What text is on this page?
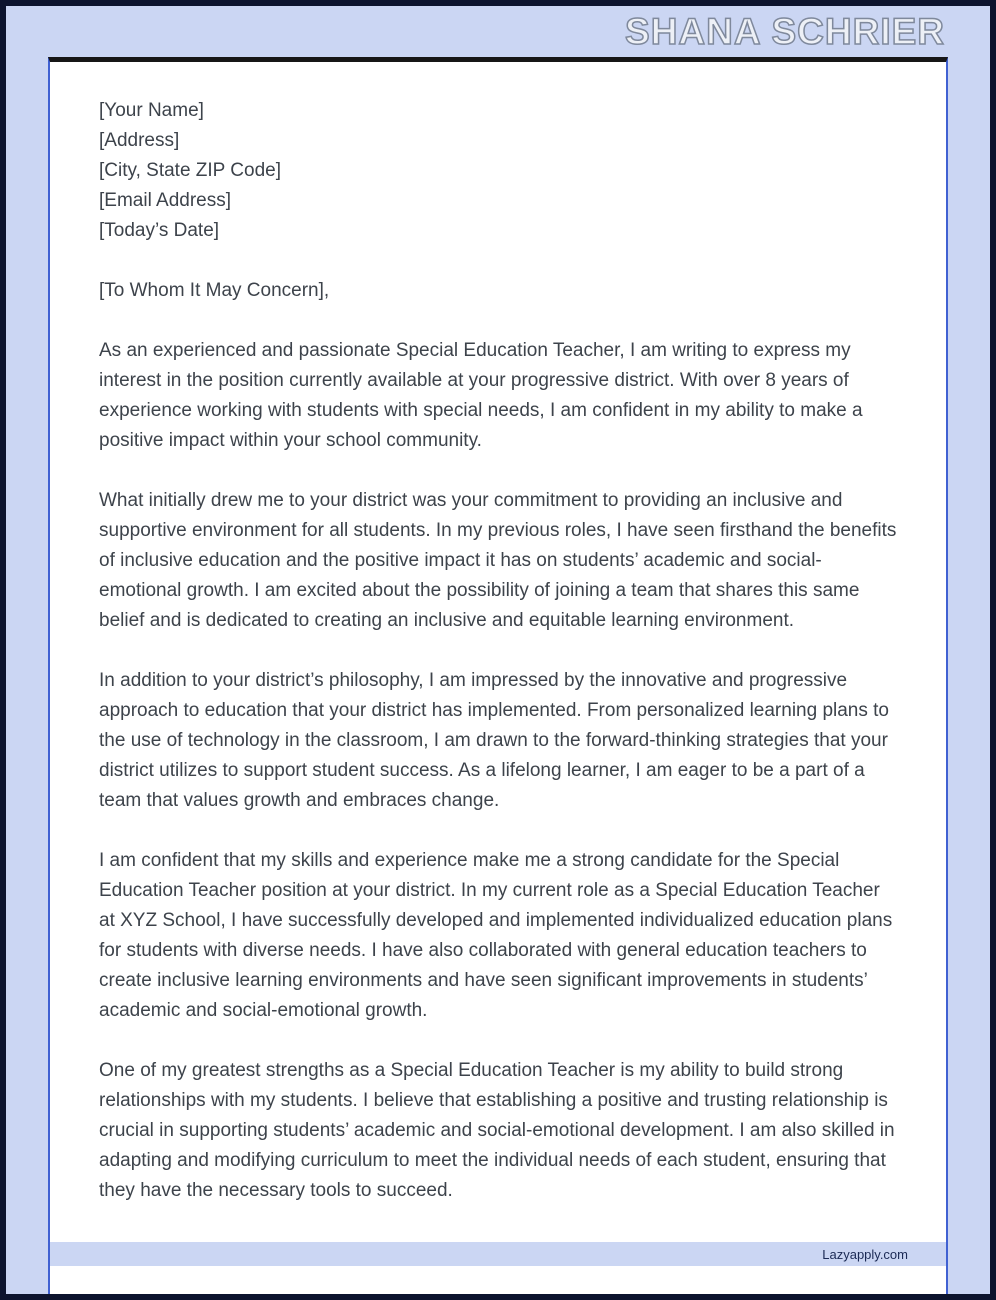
SHANA SCHRIER
[Your Name]
[Address]
[City, State ZIP Code]
[Email Address]
[Today’s Date]

[To Whom It May Concern],

As an experienced and passionate Special Education Teacher, I am writing to express my interest in the position currently available at your progressive district. With over 8 years of experience working with students with special needs, I am confident in my ability to make a positive impact within your school community.

What initially drew me to your district was your commitment to providing an inclusive and supportive environment for all students. In my previous roles, I have seen firsthand the benefits of inclusive education and the positive impact it has on students’ academic and social-emotional growth. I am excited about the possibility of joining a team that shares this same belief and is dedicated to creating an inclusive and equitable learning environment.

In addition to your district’s philosophy, I am impressed by the innovative and progressive approach to education that your district has implemented. From personalized learning plans to the use of technology in the classroom, I am drawn to the forward-thinking strategies that your district utilizes to support student success. As a lifelong learner, I am eager to be a part of a team that values growth and embraces change.

I am confident that my skills and experience make me a strong candidate for the Special Education Teacher position at your district. In my current role as a Special Education Teacher at XYZ School, I have successfully developed and implemented individualized education plans for students with diverse needs. I have also collaborated with general education teachers to create inclusive learning environments and have seen significant improvements in students’ academic and social-emotional growth.

One of my greatest strengths as a Special Education Teacher is my ability to build strong relationships with my students. I believe that establishing a positive and trusting relationship is crucial in supporting students’ academic and social-emotional development. I am also skilled in adapting and modifying curriculum to meet the individual needs of each student, ensuring that they have the necessary tools to succeed.

Lazyapply.com
